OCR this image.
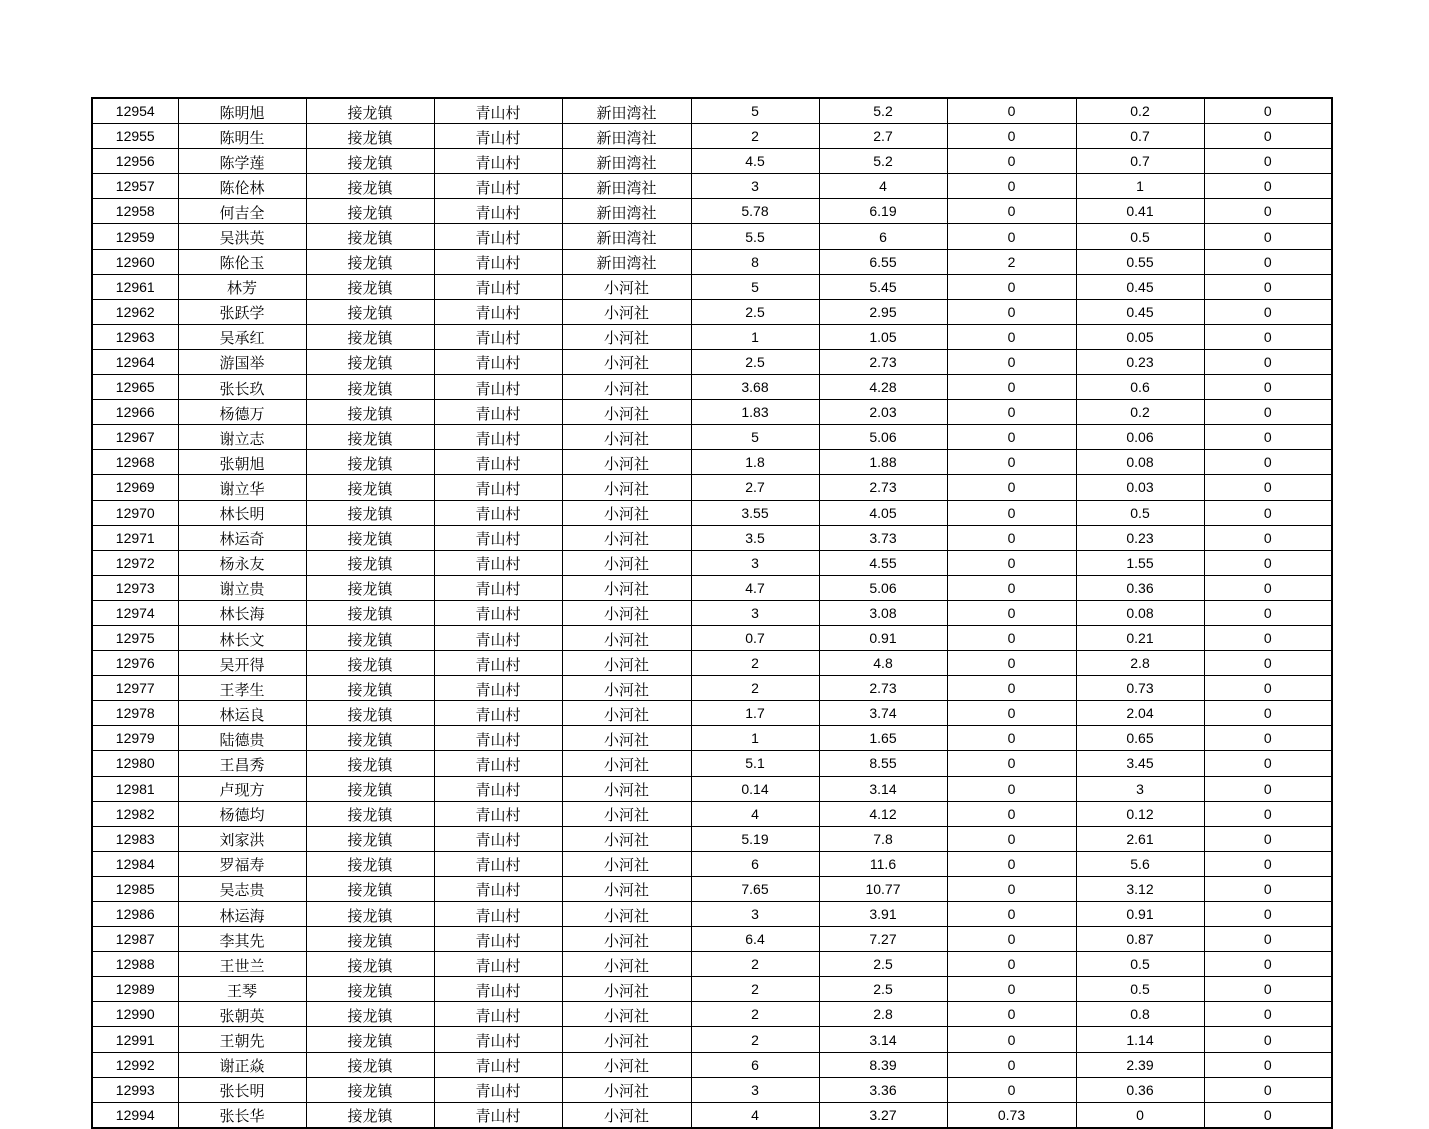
12954	陈明旭	接龙镇	青山村	新田湾社	5	5.2	0	0.2	0
12955	陈明生	接龙镇	青山村	新田湾社	2	2.7	0	0.7	0
12956	陈学莲	接龙镇	青山村	新田湾社	4.5	5.2	0	0.7	0
12957	陈伦林	接龙镇	青山村	新田湾社	3	4	0	1	0
12958	何吉全	接龙镇	青山村	新田湾社	5.78	6.19	0	0.41	0
12959	吴洪英	接龙镇	青山村	新田湾社	5.5	6	0	0.5	0
12960	陈伦玉	接龙镇	青山村	新田湾社	8	6.55	2	0.55	0
12961	林芳	接龙镇	青山村	小河社	5	5.45	0	0.45	0
12962	张跃学	接龙镇	青山村	小河社	2.5	2.95	0	0.45	0
12963	吴承红	接龙镇	青山村	小河社	1	1.05	0	0.05	0
12964	游国举	接龙镇	青山村	小河社	2.5	2.73	0	0.23	0
12965	张长玖	接龙镇	青山村	小河社	3.68	4.28	0	0.6	0
12966	杨德万	接龙镇	青山村	小河社	1.83	2.03	0	0.2	0
12967	谢立志	接龙镇	青山村	小河社	5	5.06	0	0.06	0
12968	张朝旭	接龙镇	青山村	小河社	1.8	1.88	0	0.08	0
12969	谢立华	接龙镇	青山村	小河社	2.7	2.73	0	0.03	0
12970	林长明	接龙镇	青山村	小河社	3.55	4.05	0	0.5	0
12971	林运奇	接龙镇	青山村	小河社	3.5	3.73	0	0.23	0
12972	杨永友	接龙镇	青山村	小河社	3	4.55	0	1.55	0
12973	谢立贵	接龙镇	青山村	小河社	4.7	5.06	0	0.36	0
12974	林长海	接龙镇	青山村	小河社	3	3.08	0	0.08	0
12975	林长文	接龙镇	青山村	小河社	0.7	0.91	0	0.21	0
12976	吴开得	接龙镇	青山村	小河社	2	4.8	0	2.8	0
12977	王孝生	接龙镇	青山村	小河社	2	2.73	0	0.73	0
12978	林运良	接龙镇	青山村	小河社	1.7	3.74	0	2.04	0
12979	陆德贵	接龙镇	青山村	小河社	1	1.65	0	0.65	0
12980	王昌秀	接龙镇	青山村	小河社	5.1	8.55	0	3.45	0
12981	卢现方	接龙镇	青山村	小河社	0.14	3.14	0	3	0
12982	杨德均	接龙镇	青山村	小河社	4	4.12	0	0.12	0
12983	刘家洪	接龙镇	青山村	小河社	5.19	7.8	0	2.61	0
12984	罗福寿	接龙镇	青山村	小河社	6	11.6	0	5.6	0
12985	吴志贵	接龙镇	青山村	小河社	7.65	10.77	0	3.12	0
12986	林运海	接龙镇	青山村	小河社	3	3.91	0	0.91	0
12987	李其先	接龙镇	青山村	小河社	6.4	7.27	0	0.87	0
12988	王世兰	接龙镇	青山村	小河社	2	2.5	0	0.5	0
12989	王琴	接龙镇	青山村	小河社	2	2.5	0	0.5	0
12990	张朝英	接龙镇	青山村	小河社	2	2.8	0	0.8	0
12991	王朝先	接龙镇	青山村	小河社	2	3.14	0	1.14	0
12992	谢正焱	接龙镇	青山村	小河社	6	8.39	0	2.39	0
12993	张长明	接龙镇	青山村	小河社	3	3.36	0	0.36	0
12994	张长华	接龙镇	青山村	小河社	4	3.27	0.73	0	0
